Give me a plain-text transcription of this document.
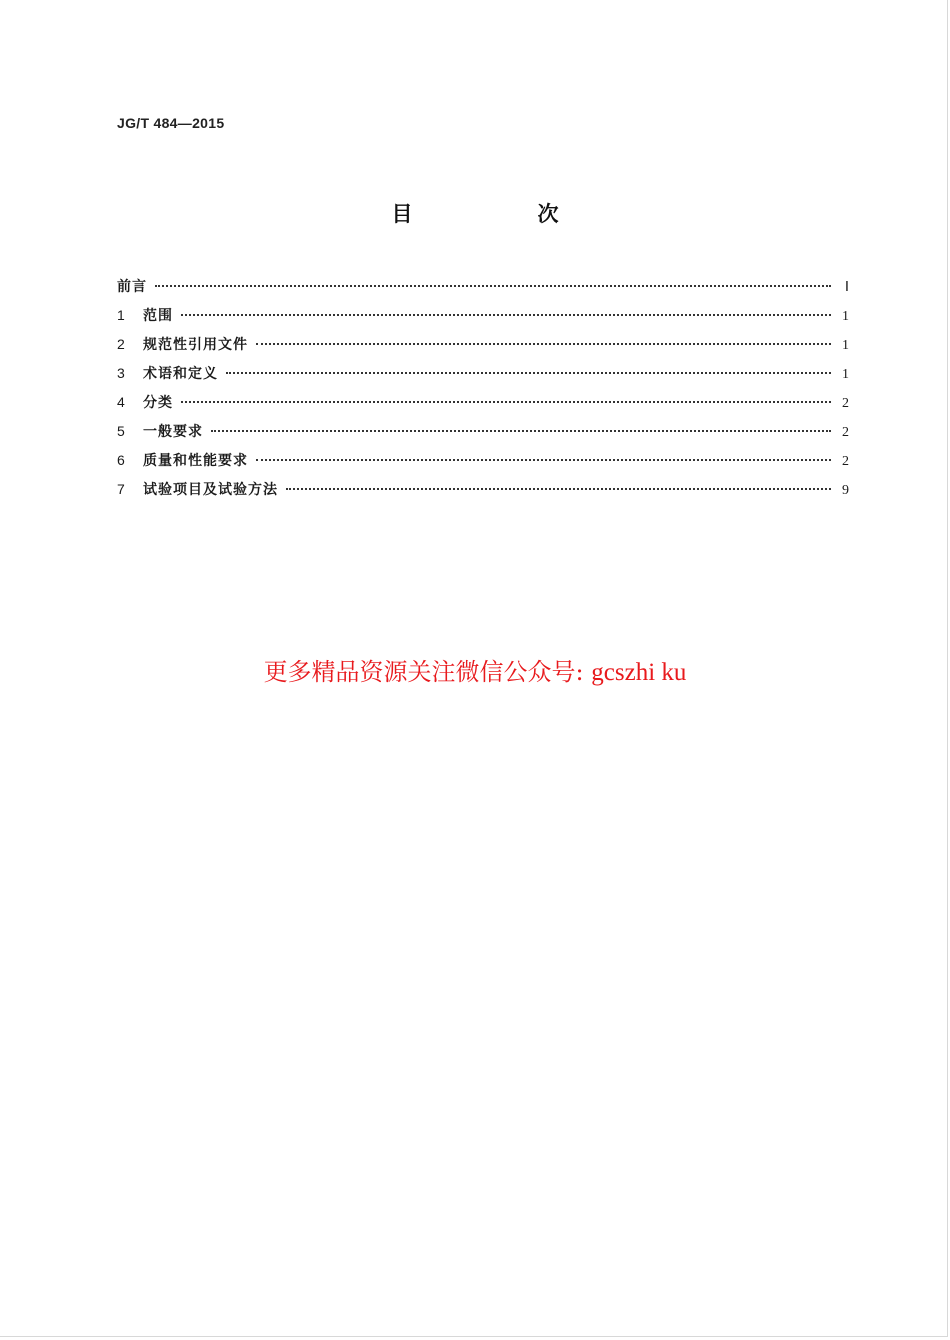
JG/T 484—2015
目　次
前言	Ⅰ
1	范围	1
2	规范性引用文件	1
3	术语和定义	1
4	分类	2
5	一般要求	2
6	质量和性能要求	2
7	试验项目及试验方法	9
更多精品资源关注微信公众号: gcszhi ku
